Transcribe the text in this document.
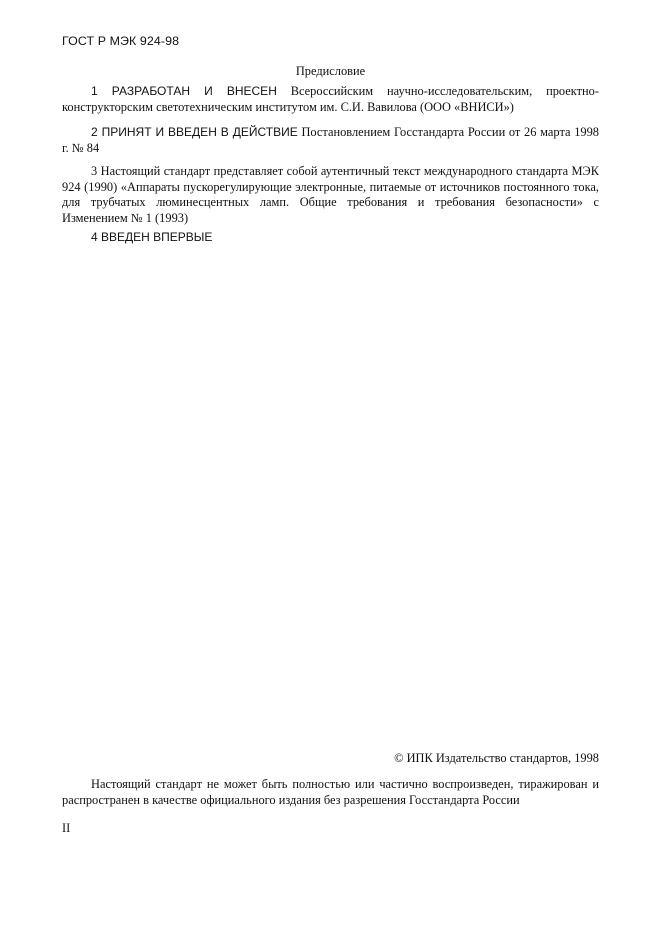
ГОСТ Р МЭК 924-98
Предисловие

1 РАЗРАБОТАН И ВНЕСЕН Всероссийским научно-исследовательским, проектно-конструкторским светотехническим институтом им. С.И. Вавилова (ООО «ВНИСИ»)

2 ПРИНЯТ И ВВЕДЕН В ДЕЙСТВИЕ Постановлением Госстандарта России от 26 марта 1998 г. № 84

3 Настоящий стандарт представляет собой аутентичный текст международного стандарта МЭК 924 (1990) «Аппараты пускорегулирующие электронные, питаемые от источников постоянного тока, для трубчатых люминесцентных ламп. Общие требования и требования безопасности» с Изменением № 1 (1993)

4 ВВЕДЕН ВПЕРВЫЕ

© ИПК Издательство стандартов, 1998

Настоящий стандарт не может быть полностью или частично воспроизведен, тиражирован и распространен в качестве официального издания без разрешения Госстандарта России

II
